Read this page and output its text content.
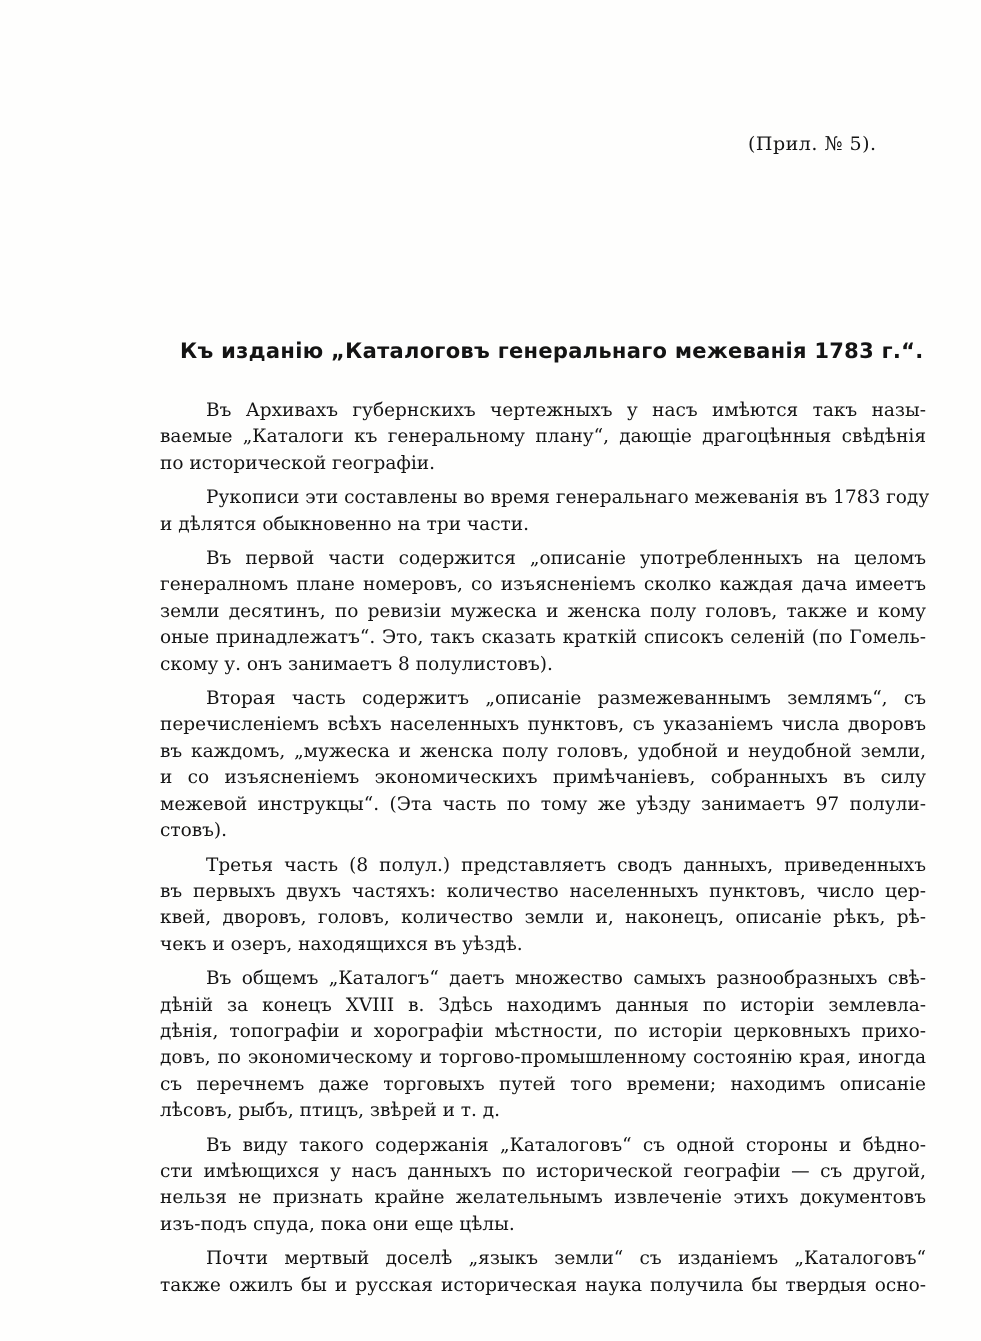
(Прил. № 5).
Къ изданію „Каталоговъ генеральнаго межеванія 1783 г.“.
Въ Архивахъ губернскихъ чертежныхъ у насъ имѣются такъ назы-
ваемые „Каталоги къ генеральному плану“, дающіе драгоцѣнныя свѣдѣнія
по исторической географіи.
Рукописи эти составлены во время генеральнаго межеванія въ 1783 году
и дѣлятся обыкновенно на три части.
Въ первой части содержится „описаніе употребленныхъ на целомъ
генералномъ плане номеровъ, со изъясненіемъ сколко каждая дача имеетъ
земли десятинъ, по ревизіи мужеска и женска полу головъ, также и кому
оные принадлежатъ“. Это, такъ сказать краткій списокъ селеній (по Гомель-
скому у. онъ занимаетъ 8 полулистовъ).
Вторая часть содержитъ „описаніе размежеваннымъ землямъ“, съ
перечисленіемъ всѣхъ населенныхъ пунктовъ, съ указаніемъ числа дворовъ
въ каждомъ, „мужеска и женска полу головъ, удобной и неудобной земли,
и со изъясненіемъ экономическихъ примѣчаніевъ, собранныхъ въ силу
межевой инструкцы“. (Эта часть по тому же уѣзду занимаетъ 97 полули-
стовъ).
Третья часть (8 полул.) представляетъ сводъ данныхъ, приведенныхъ
въ первыхъ двухъ частяхъ: количество населенныхъ пунктовъ, число цер-
квей, дворовъ, головъ, количество земли и, наконецъ, описаніе рѣкъ, рѣ-
чекъ и озеръ, находящихся въ уѣздѣ.
Въ общемъ „Каталогъ“ даетъ множество самыхъ разнообразныхъ свѣ-
дѣній за конецъ XVIII в. Здѣсь находимъ данныя по исторіи землевла-
дѣнія, топографіи и хорографіи мѣстности, по исторіи церковныхъ прихо-
довъ, по экономическому и торгово-промышленному состоянію края, иногда
съ перечнемъ даже торговыхъ путей того времени; находимъ описаніе
лѣсовъ, рыбъ, птицъ, звѣрей и т. д.
Въ виду такого содержанія „Каталоговъ“ съ одной стороны и бѣдно-
сти имѣющихся у насъ данныхъ по исторической географіи — съ другой,
нельзя не признать крайне желательнымъ извлеченіе этихъ документовъ
изъ-подъ спуда, пока они еще цѣлы.
Почти мертвый доселѣ „языкъ земли“ съ изданіемъ „Каталоговъ“
также ожилъ бы и русская историческая наука получила бы твердыя осно-
